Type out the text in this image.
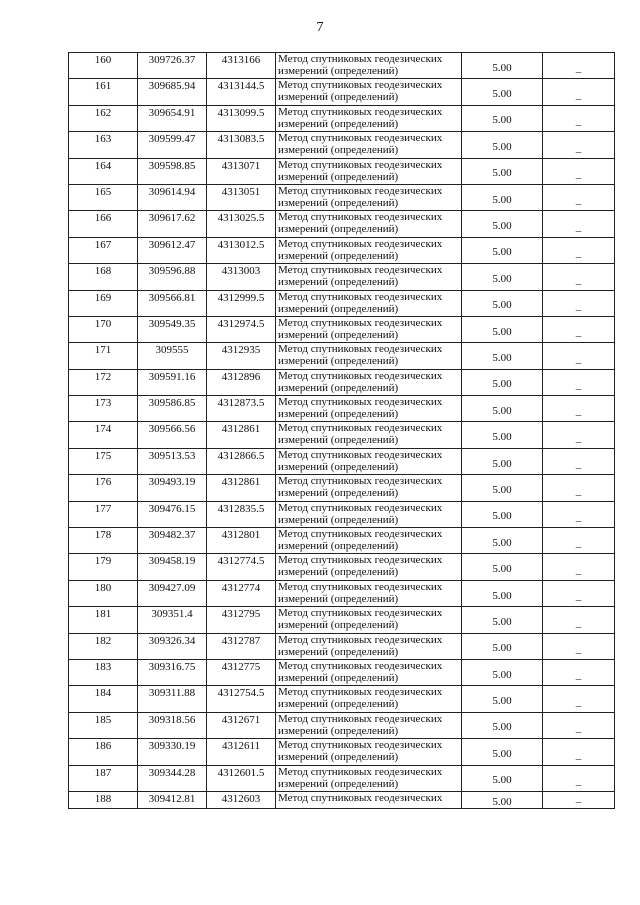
7
160	309726.37	4313166	Метод спутниковых геодезических
измерений (определений)	5.00	–
161	309685.94	4313144.5	Метод спутниковых геодезических
измерений (определений)	5.00	–
162	309654.91	4313099.5	Метод спутниковых геодезических
измерений (определений)	5.00	–
163	309599.47	4313083.5	Метод спутниковых геодезических
измерений (определений)	5.00	–
164	309598.85	4313071	Метод спутниковых геодезических
измерений (определений)	5.00	–
165	309614.94	4313051	Метод спутниковых геодезических
измерений (определений)	5.00	–
166	309617.62	4313025.5	Метод спутниковых геодезических
измерений (определений)	5.00	–
167	309612.47	4313012.5	Метод спутниковых геодезических
измерений (определений)	5.00	–
168	309596.88	4313003	Метод спутниковых геодезических
измерений (определений)	5.00	–
169	309566.81	4312999.5	Метод спутниковых геодезических
измерений (определений)	5.00	–
170	309549.35	4312974.5	Метод спутниковых геодезических
измерений (определений)	5.00	–
171	309555	4312935	Метод спутниковых геодезических
измерений (определений)	5.00	–
172	309591.16	4312896	Метод спутниковых геодезических
измерений (определений)	5.00	–
173	309586.85	4312873.5	Метод спутниковых геодезических
измерений (определений)	5.00	–
174	309566.56	4312861	Метод спутниковых геодезических
измерений (определений)	5.00	–
175	309513.53	4312866.5	Метод спутниковых геодезических
измерений (определений)	5.00	–
176	309493.19	4312861	Метод спутниковых геодезических
измерений (определений)	5.00	–
177	309476.15	4312835.5	Метод спутниковых геодезических
измерений (определений)	5.00	–
178	309482.37	4312801	Метод спутниковых геодезических
измерений (определений)	5.00	–
179	309458.19	4312774.5	Метод спутниковых геодезических
измерений (определений)	5.00	–
180	309427.09	4312774	Метод спутниковых геодезических
измерений (определений)	5.00	–
181	309351.4	4312795	Метод спутниковых геодезических
измерений (определений)	5.00	–
182	309326.34	4312787	Метод спутниковых геодезических
измерений (определений)	5.00	–
183	309316.75	4312775	Метод спутниковых геодезических
измерений (определений)	5.00	–
184	309311.88	4312754.5	Метод спутниковых геодезических
измерений (определений)	5.00	–
185	309318.56	4312671	Метод спутниковых геодезических
измерений (определений)	5.00	–
186	309330.19	4312611	Метод спутниковых геодезических
измерений (определений)	5.00	–
187	309344.28	4312601.5	Метод спутниковых геодезических
измерений (определений)	5.00	–
188	309412.81	4312603	Метод спутниковых геодезических	5.00	–
